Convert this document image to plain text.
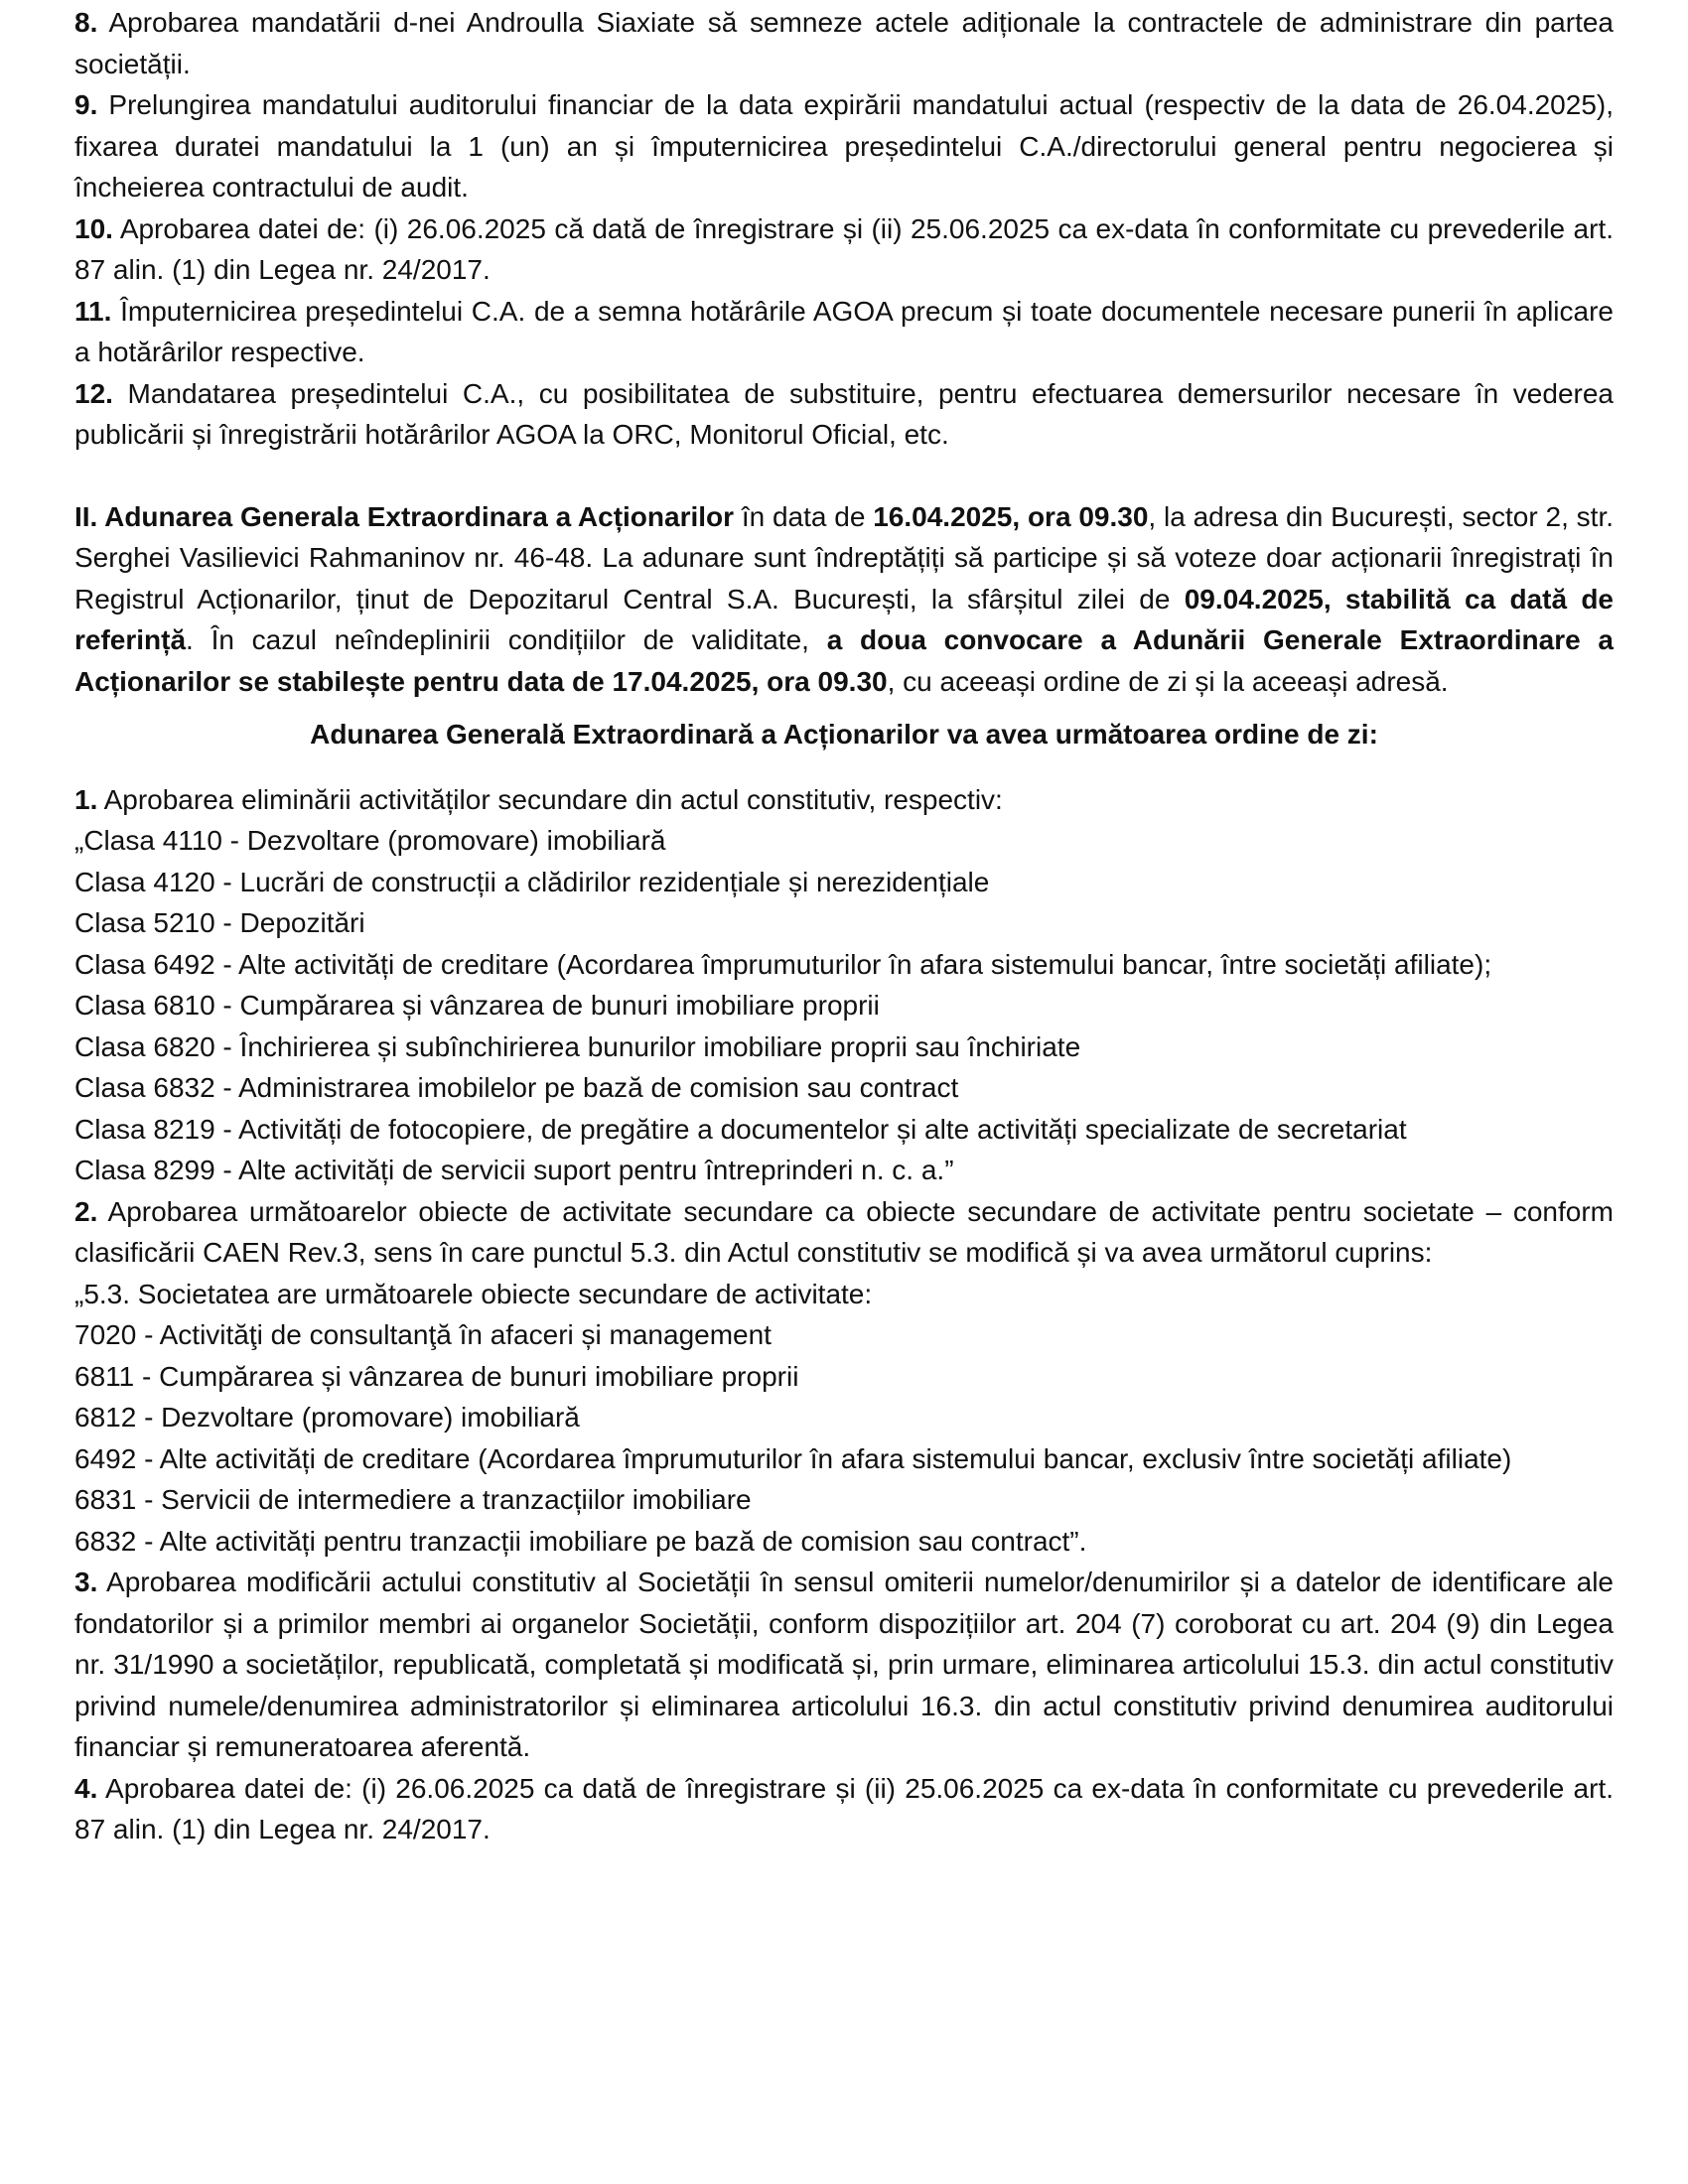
8. Aprobarea mandatării d-nei Androulla Siaxiate să semneze actele adiționale la contractele de administrare din partea societății.

9. Prelungirea mandatului auditorului financiar de la data expirării mandatului actual (respectiv de la data de 26.04.2025), fixarea duratei mandatului la 1 (un) an și împuternicirea președintelui C.A./directorului general pentru negocierea și încheierea contractului de audit.

10. Aprobarea datei de: (i) 26.06.2025 că dată de înregistrare și (ii) 25.06.2025 ca ex-data în conformitate cu prevederile art. 87 alin. (1) din Legea nr. 24/2017.

11. Împuternicirea președintelui C.A. de a semna hotărârile AGOA precum și toate documentele necesare punerii în aplicare a hotărârilor respective.

12. Mandatarea președintelui C.A., cu posibilitatea de substituire, pentru efectuarea demersurilor necesare în vederea publicării și înregistrării hotărârilor AGOA la ORC, Monitorul Oficial, etc.

II. Adunarea Generala Extraordinara a Acționarilor în data de 16.04.2025, ora 09.30, la adresa din București, sector 2, str. Serghei Vasilievici Rahmaninov nr. 46-48. La adunare sunt îndreptățiți să participe și să voteze doar acționarii înregistrați în Registrul Acționarilor, ținut de Depozitarul Central S.A. București, la sfârșitul zilei de 09.04.2025, stabilită ca dată de referință. În cazul neîndeplinirii condițiilor de validitate, a doua convocare a Adunării Generale Extraordinare a Acționarilor se stabilește pentru data de 17.04.2025, ora 09.30, cu aceeași ordine de zi și la aceeași adresă.

Adunarea Generală Extraordinară a Acționarilor va avea următoarea ordine de zi:

1. Aprobarea eliminării activităților secundare din actul constitutiv, respectiv:

„Clasa 4110 - Dezvoltare (promovare) imobiliară

Clasa 4120 - Lucrări de construcții a clădirilor rezidențiale și nerezidențiale

Clasa 5210 - Depozitări

Clasa 6492 - Alte activități de creditare (Acordarea împrumuturilor în afara sistemului bancar, între societăți afiliate);

Clasa 6810 - Cumpărarea și vânzarea de bunuri imobiliare proprii

Clasa 6820 - Închirierea și subînchirierea bunurilor imobiliare proprii sau închiriate

Clasa 6832 - Administrarea imobilelor pe bază de comision sau contract

Clasa 8219 - Activități de fotocopiere, de pregătire a documentelor și alte activități specializate de secretariat

Clasa 8299 - Alte activități de servicii suport pentru întreprinderi n. c. a.”

2. Aprobarea următoarelor obiecte de activitate secundare ca obiecte secundare de activitate pentru societate – conform clasificării CAEN Rev.3, sens în care punctul 5.3. din Actul constitutiv se modifică și va avea următorul cuprins:

„5.3. Societatea are următoarele obiecte secundare de activitate:

7020 - Activităţi de consultanţă în afaceri și management

6811 - Cumpărarea și vânzarea de bunuri imobiliare proprii

6812 - Dezvoltare (promovare) imobiliară

6492 - Alte activități de creditare (Acordarea împrumuturilor în afara sistemului bancar, exclusiv între societăți afiliate)

6831 - Servicii de intermediere a tranzacțiilor imobiliare

6832 - Alte activități pentru tranzacții imobiliare pe bază de comision sau contract”.

3. Aprobarea modificării actului constitutiv al Societății în sensul omiterii numelor/denumirilor și a datelor de identificare ale fondatorilor și a primilor membri ai organelor Societății, conform dispozițiilor art. 204 (7) coroborat cu art. 204 (9) din Legea nr. 31/1990 a societăților, republicată, completată și modificată și, prin urmare, eliminarea articolului 15.3. din actul constitutiv privind numele/denumirea administratorilor și eliminarea articolului 16.3. din actul constitutiv privind denumirea auditorului financiar și remuneratoarea aferentă.

4. Aprobarea datei de: (i) 26.06.2025 ca dată de înregistrare și (ii) 25.06.2025 ca ex-data în conformitate cu prevederile art. 87 alin. (1) din Legea nr. 24/2017.
